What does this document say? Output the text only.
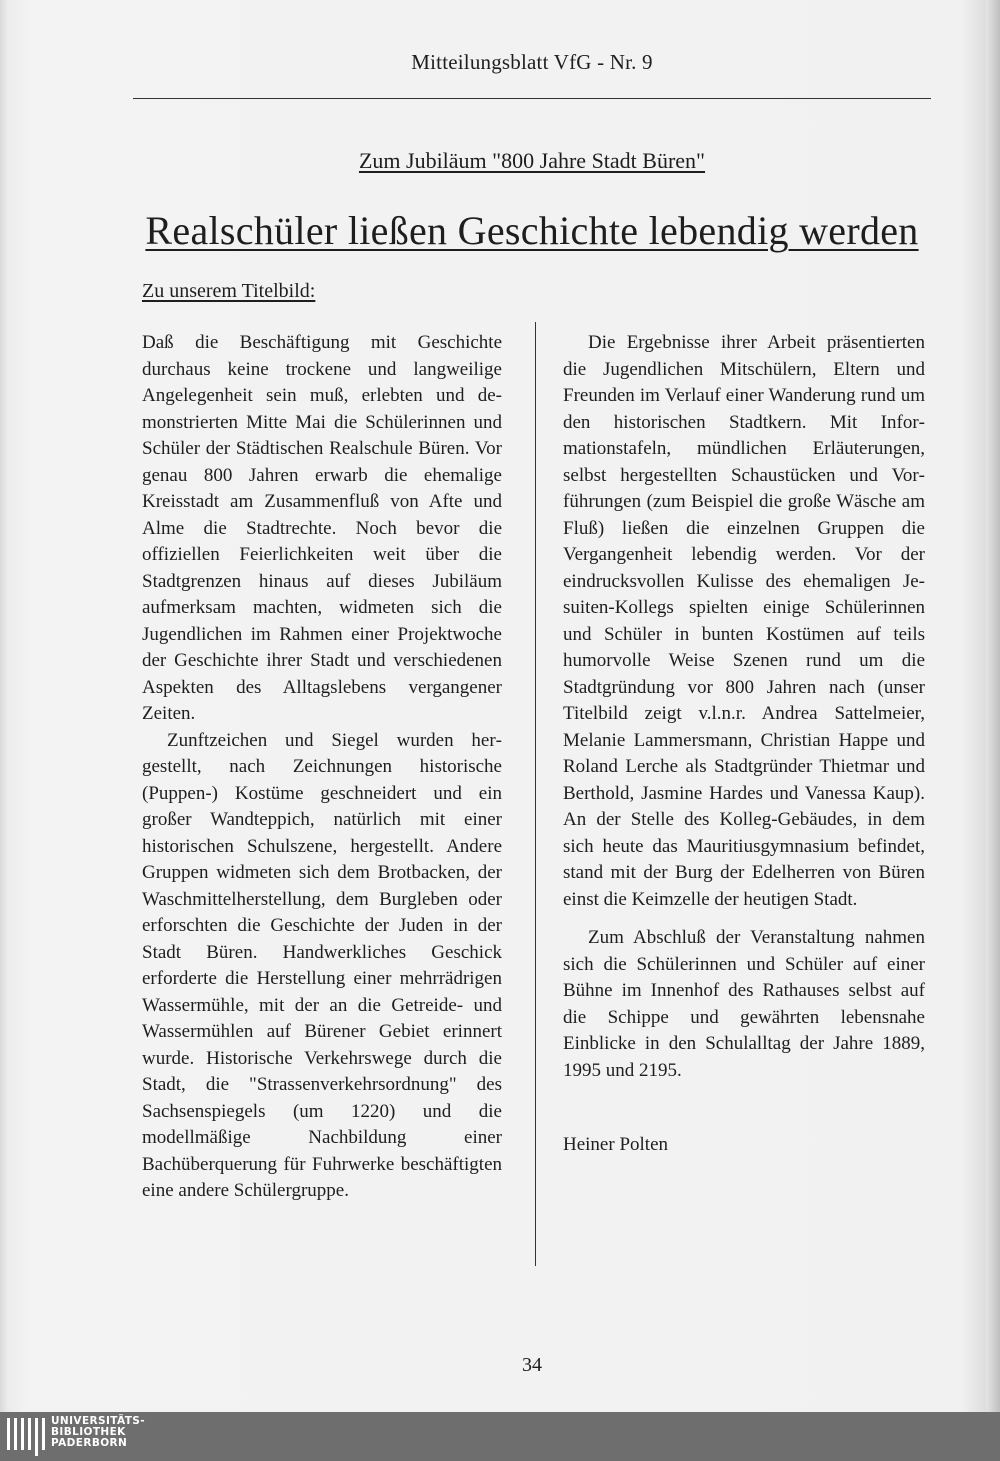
Mitteilungsblatt VfG - Nr. 9
Zum Jubiläum "800 Jahre Stadt Büren"
Realschüler ließen Geschichte lebendig werden
Zu unserem Titelbild:

Daß die Beschäftigung mit Geschichte durchaus keine trockene und langweilige Angelegenheit sein muß, erlebten und demonstrierten Mitte Mai die Schülerinnen und Schüler der Städtischen Realschule Büren. Vor genau 800 Jahren erwarb die ehemalige Kreisstadt am Zusammenfluß von Afte und Alme die Stadtrechte. Noch bevor die offiziellen Feierlichkeiten weit über die Stadtgrenzen hinaus auf dieses Jubiläum aufmerksam machten, widmeten sich die Jugendlichen im Rahmen einer Projektwoche der Geschichte ihrer Stadt und verschiedenen Aspekten des Alltagslebens vergangener Zeiten.

Zunftzeichen und Siegel wurden hergestellt, nach Zeichnungen historische (Puppen-) Kostüme geschneidert und ein großer Wandteppich, natürlich mit einer historischen Schulszene, hergestellt. Andere Gruppen widmeten sich dem Brotbacken, der Waschmittelherstellung, dem Burgleben oder erforschten die Geschichte der Juden in der Stadt Büren. Handwerkliches Geschick erforderte die Herstellung einer mehrrädrigen Wassermühle, mit der an die Getreide- und Wassermühlen auf Bürener Gebiet erinnert wurde. Historische Verkehrswege durch die Stadt, die "Strassenverkehrsordnung" des Sachsenspiegels (um 1220) und die modellmäßige Nachbildung einer Bachüberquerung für Fuhrwerke beschäftigten eine andere Schülergruppe.

Die Ergebnisse ihrer Arbeit präsentierten die Jugendlichen Mitschülern, Eltern und Freunden im Verlauf einer Wanderung rund um den historischen Stadtkern. Mit Informationstafeln, mündlichen Erläuterungen, selbst hergestellten Schaustücken und Vorführungen (zum Beispiel die große Wäsche am Fluß) ließen die einzelnen Gruppen die Vergangenheit lebendig werden. Vor der eindrucksvollen Kulisse des ehemaligen Jesuiten-Kollegs spielten einige Schülerinnen und Schüler in bunten Kostümen auf teils humorvolle Weise Szenen rund um die Stadtgründung vor 800 Jahren nach (unser Titelbild zeigt v.l.n.r. Andrea Sattelmeier, Melanie Lammersmann, Christian Happe und Roland Lerche als Stadtgründer Thietmar und Berthold, Jasmine Hardes und Vanessa Kaup). An der Stelle des Kolleg-Gebäudes, in dem sich heute das Mauritiusgymnasium befindet, stand mit der Burg der Edelherren von Büren einst die Keimzelle der heutigen Stadt.

Zum Abschluß der Veranstaltung nahmen sich die Schülerinnen und Schüler auf einer Bühne im Innenhof des Rathauses selbst auf die Schippe und gewährten lebensnahe Einblicke in den Schulalltag der Jahre 1889, 1995 und 2195.

Heiner Polten
34
UNIVERSITÄTS-
BIBLIOTHEK
PADERBORN
